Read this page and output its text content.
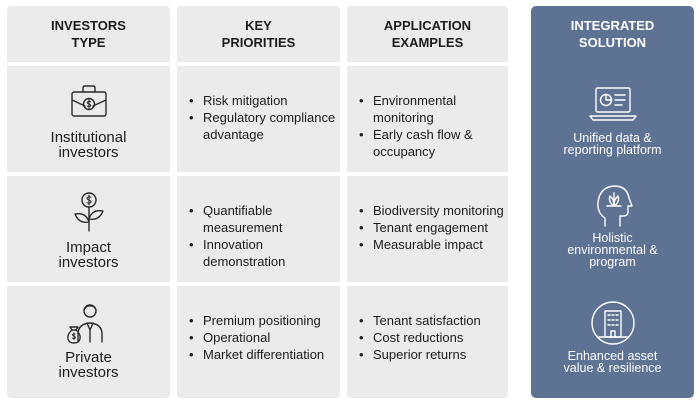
INVESTORS
TYPE
Institutional
investors
Impact
investors
Private
investors
KEY
PRIORITIES
• Risk mitigation
• Regulatory compliance advantage
• Quantifiable measurement
• Innovation demonstration
• Premium positioning
• Operational
• Market differentiation
APPLICATION
EXAMPLES
• Environmental monitoring
• Early cash flow & occupancy
• Biodiversity monitoring
• Tenant engagement
• Measurable impact
• Tenant satisfaction
• Cost reductions
• Superior returns
INTEGRATED
SOLUTION
Unified data &
reporting platform
Holistic
environmental &
program
Enhanced asset
value & resilience
